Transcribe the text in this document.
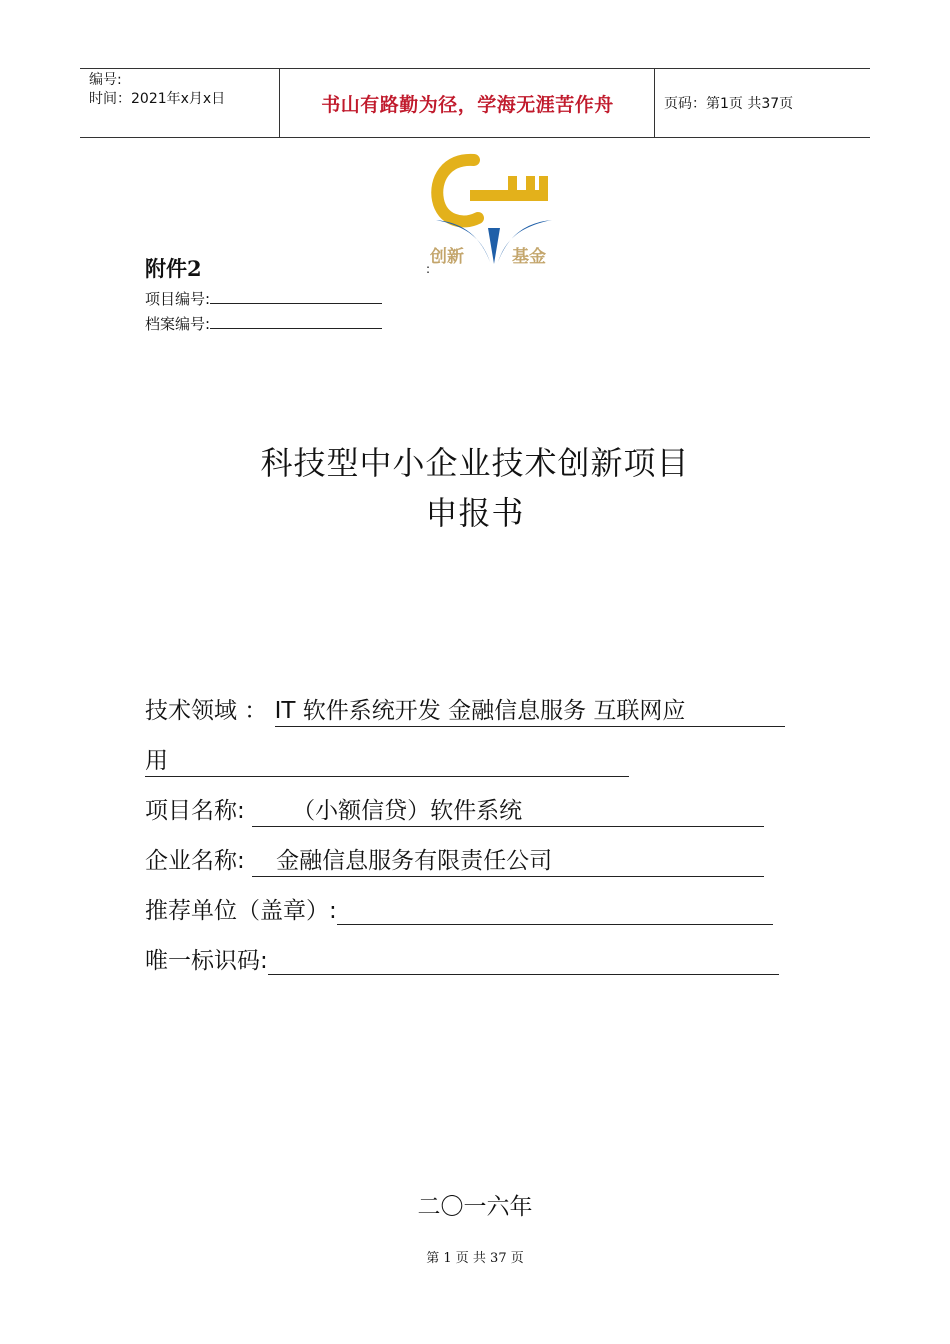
编号:
时间：2021年x月x日	书山有路勤为径，学海无涯苦作舟	页码：第1页 共37页
创新	基金
附件2	:
项目编号:
档案编号:
科技型中小企业技术创新项目
申报书
技术领域 ： IT 软件系统开发 金融信息服务 互联网应
用
项目名称: （小额信贷）软件系统
企业名称: 金融信息服务有限责任公司
推荐单位（盖章）:
唯一标识码:
二〇一六年
第 1 页 共 37 页
